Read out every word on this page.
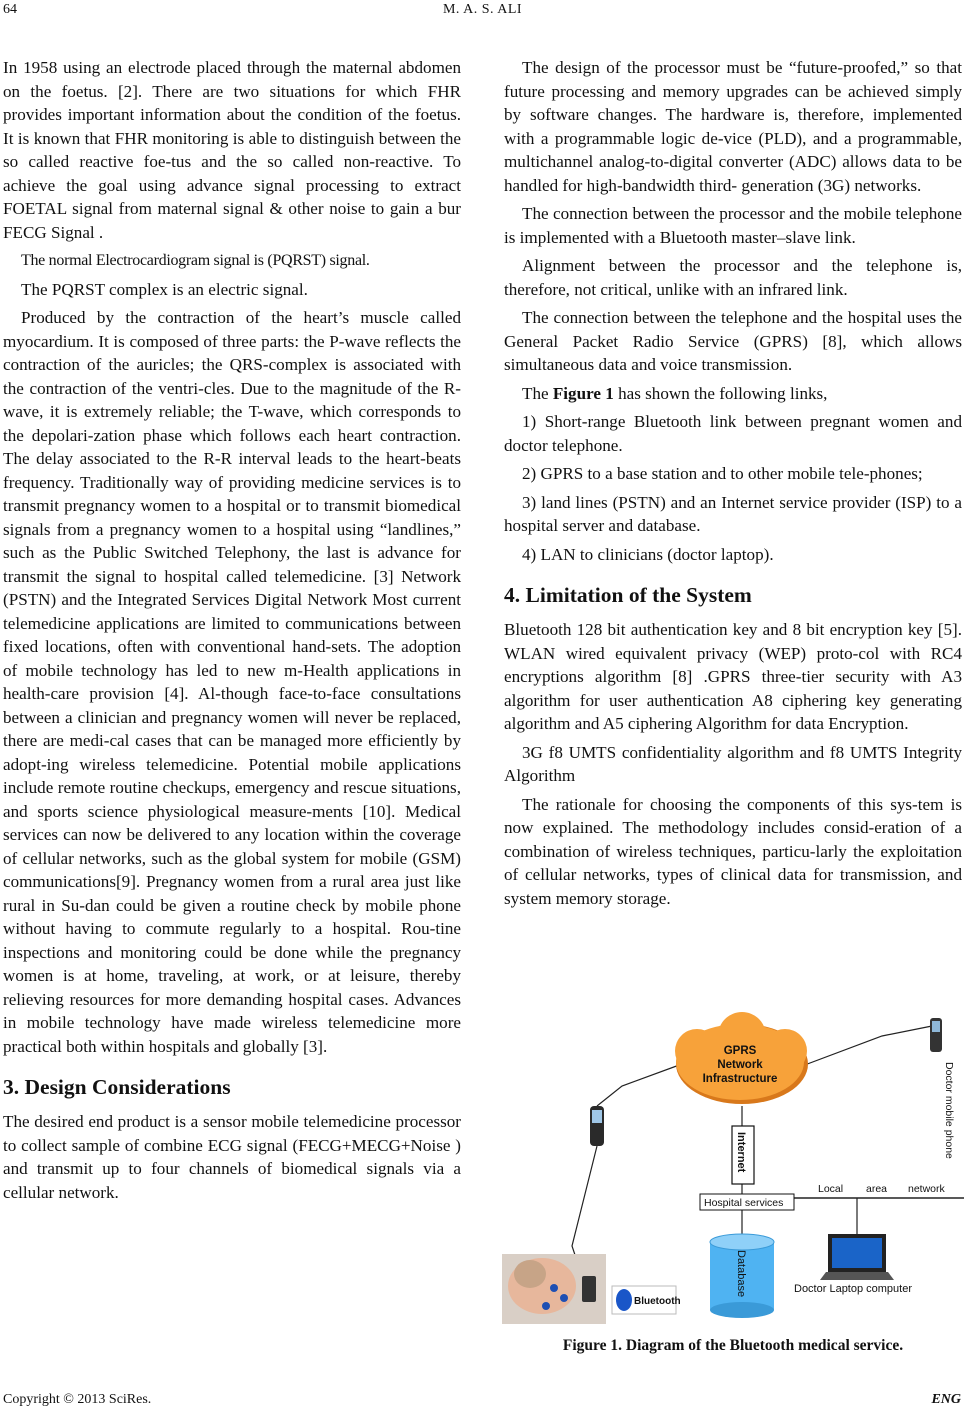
64	M. A. S. ALI

In 1958 using an electrode placed through the maternal abdomen on the foetus. [2]. There are two situations for which FHR provides important information about the condition of the foetus. It is known that FHR monitoring is able to distinguish between the so called reactive foe-tus and the so called non-reactive. To achieve the goal using advance signal processing to extract FOETAL signal from maternal signal & other noise to gain a bur FECG Signal .

The normal Electrocardiogram signal is (PQRST) signal.

The PQRST complex is an electric signal.

Produced by the contraction of the heart’s muscle called myocardium. It is composed of three parts: the P-wave reflects the contraction of the auricles; the QRS-complex is associated with the contraction of the ventri-cles. Due to the magnitude of the R-wave, it is extremely reliable; the T-wave, which corresponds to the depolari-zation phase which follows each heart contraction. The delay associated to the R-R interval leads to the heart-beats frequency. Traditionally way of providing medicine services is to transmit pregnancy women to a hospital or to transmit biomedical signals from a pregnancy women to a hospital using “landlines,” such as the Public Switched Telephony, the last is advance for transmit the signal to hospital called telemedicine. [3] Network (PSTN) and the Integrated Services Digital Network Most current telemedicine applications are limited to communications between fixed locations, often with conventional hand-sets. The adoption of mobile technology has led to new m-Health applications in health-care provision [4]. Al-though face-to-face consultations between a clinician and pregnancy women will never be replaced, there are medi-cal cases that can be managed more efficiently by adopt-ing wireless telemedicine. Potential mobile applications include remote routine checkups, emergency and rescue situations, and sports science physiological measure-ments [10]. Medical services can now be delivered to any location within the coverage of cellular networks, such as the global system for mobile (GSM) communications[9]. Pregnancy women from a rural area just like rural in Su-dan could be given a routine check by mobile phone without having to commute regularly to a hospital. Rou-tine inspections and monitoring could be done while the pregnancy women is at home, traveling, at work, or at leisure, thereby relieving resources for more demanding hospital cases. Advances in mobile technology have made wireless telemedicine more practical both within hospitals and globally [3].

3. Design Considerations

The desired end product is a sensor mobile telemedicine processor to collect sample of combine ECG signal (FECG+MECG+Noise ) and transmit up to four channels of biomedical signals via a cellular network.

The design of the processor must be “future-proofed,” so that future processing and memory upgrades can be achieved simply by software changes. The hardware is, therefore, implemented with a programmable logic de-vice (PLD), and a programmable, multichannel analog-to-digital converter (ADC) allows data to be handled for high-bandwidth third- generation (3G) networks.

The connection between the processor and the mobile telephone is implemented with a Bluetooth master–slave link.

Alignment between the processor and the telephone is, therefore, not critical, unlike with an infrared link.

The connection between the telephone and the hospital uses the General Packet Radio Service (GPRS) [8], which allows simultaneous data and voice transmission.

The Figure 1 has shown the following links,

1) Short-range Bluetooth link between pregnant women and doctor telephone.

2) GPRS to a base station and to other mobile tele-phones;

3) land lines (PSTN) and an Internet service provider (ISP) to a hospital server and database.

4) LAN to clinicians (doctor laptop).

4. Limitation of the System

Bluetooth 128 bit authentication key and 8 bit encryption key [5]. WLAN wired equivalent privacy (WEP) proto-col with RC4 encryptions algorithm [8] .GPRS three-tier security with A3 algorithm for user authentication A8 ciphering key generating algorithm and A5 ciphering Algorithm for data Encryption.

3G f8 UMTS confidentiality algorithm and f8 UMTS Integrity Algorithm

The rationale for choosing the components of this sys-tem is now explained. The methodology includes consid-eration of a combination of wireless techniques, particu-larly the exploitation of cellular networks, types of clinical data for transmission, and system memory storage.

GPRS
Network
Infrastructure
Internet	Doctor mobile phone
Hospital services
Local area network
Database	Doctor Laptop computer
Bluetooth
Figure 1. Diagram of the Bluetooth medical service.
Copyright © 2013 SciRes.	ENG
